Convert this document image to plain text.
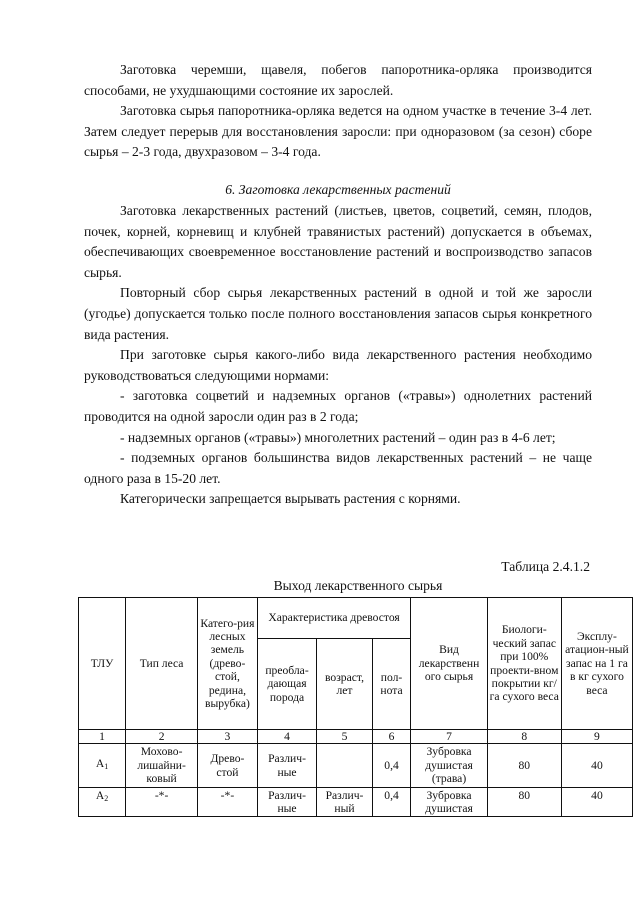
Заготовка черемши, щавеля, побегов папоротника-орляка производится способами, не ухудшающими состояние их зарослей.

Заготовка сырья папоротника-орляка ведется на одном участке в течение 3-4 лет. Затем следует перерыв для восстановления заросли: при одноразовом (за сезон) сборе сырья – 2-3 года, двухразовом – 3-4 года.

6. Заготовка лекарственных растений

Заготовка лекарственных растений (листьев, цветов, соцветий, семян, плодов, почек, корней, корневищ и клубней травянистых растений) допускается в объемах, обеспечивающих своевременное восстановление растений и воспроизводство запасов сырья.

Повторный сбор сырья лекарственных растений в одной и той же заросли (угодье) допускается только после полного восстановления запасов сырья конкретного вида растения.

При заготовке сырья какого-либо вида лекарственного растения необходимо руководствоваться следующими нормами:

- заготовка соцветий и надземных органов («травы») однолетних растений проводится на одной заросли один раз в 2 года;

- надземных органов («травы») многолетних растений – один раз в 4-6 лет;

- подземных органов большинства видов лекарственных растений – не чаще одного раза в 15-20 лет.

Категорически запрещается вырывать растения с корнями.

Таблица 2.4.1.2
Выход лекарственного сырья
ТЛУ	Тип леса	Катего-рия лесных земель (древо-стой, редина, вырубка)	Характеристика древостоя			Вид лекарственн ого сырья	Биологи-ческий запас при 100% проекти-вном покрытии кг/ га сухого веса	Эксплу-атацион-ный запас на 1 га в кг сухого веса
			преобла-дающая порода	возраст, лет	пол-нота			
1	2	3	4	5	6	7	8	9
$А_1$	Мохово-лишайни-ковый	Древо-стой	Различ-ные		0,4	Зубровка душистая (трава)	80	40
$А_2$	-*-	-*-	Различ-ные	Различ-ный	0,4	Зубровка душистая	80	40
